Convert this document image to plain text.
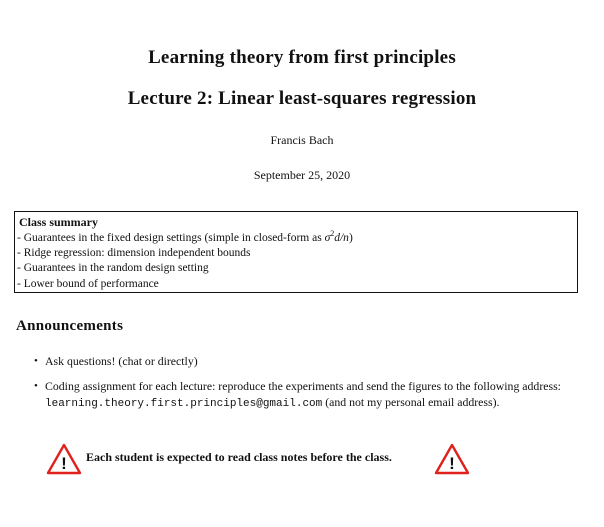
Learning theory from first principles
Lecture 2: Linear least-squares regression
Francis Bach
September 25, 2020
Class summary
- Guarantees in the fixed design settings (simple in closed-form as $\sigma^2d/n$)
- Ridge regression: dimension independent bounds
- Guarantees in the random design setting
- Lower bound of performance
Announcements
• Ask questions! (chat or directly)
• Coding assignment for each lecture: reproduce the experiments and send the figures to the following address: learning.theory.first.principles@gmail.com (and not my personal email address).
! Each student is expected to read class notes before the class.	!
